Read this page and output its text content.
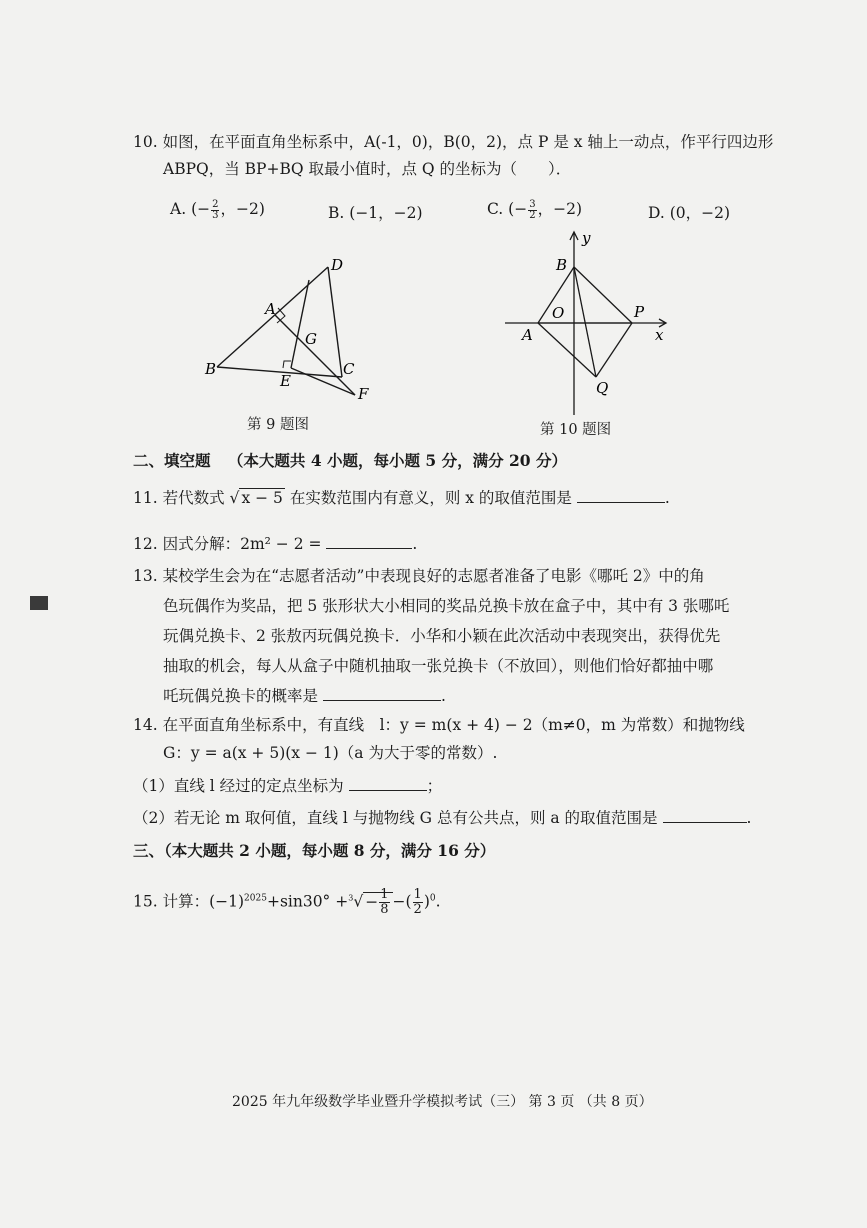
10. 如图，在平面直角坐标系中，A(-1，0)，B(0，2)，点 P 是 x 轴上一动点，作平行四边形
ABPQ，当 BP+BQ 取最小值时，点 Q 的坐标为（　　）．
A. (− $\frac{2}{3}$ ，−2)	B. (−1，−2)	C. (− $\frac{3}{2}$ ，−2)	D. (0，−2)
D
A
G
B
E
C
F
第 9 题图
y
B
O	P
A	x
Q
第 10 题图
二、填空题 （本大题共 4 小题，每小题 5 分，满分 20 分）
11. 若代数式 √ x − 5 在实数范围内有意义，则 x 的取值范围是	.
12. 因式分解：2m² − 2 =	.
13. 某校学生会为在“志愿者活动”中表现良好的志愿者准备了电影《哪吒 2》中的角
色玩偶作为奖品，把 5 张形状大小相同的奖品兑换卡放在盒子中，其中有 3 张哪吒
玩偶兑换卡、2 张敖丙玩偶兑换卡．小华和小颖在此次活动中表现突出，获得优先
抽取的机会，每人从盒子中随机抽取一张兑换卡（不放回），则他们恰好都抽中哪
吒玩偶兑换卡的概率是	.
14. 在平面直角坐标系中，有直线　l：y = m(x + 4) − 2（m≠0，m 为常数）和抛物线
G：y = a(x + 5)(x − 1)（a 为大于零的常数）.
（1）直线 l 经过的定点坐标为	；
（2）若无论 m 取何值，直线 l 与抛物线 G 总有公共点，则 a 的取值范围是	.
三、（本大题共 2 小题，每小题 8 分，满分 16 分）
15. 计算：$(-1)^{2025}+\sin 30^\circ +^3√ - \frac{1}{8}$ −( $\frac{1}{2} )^0$.
2025 年九年级数学毕业暨升学模拟考试（三） 第 3 页 （共 8 页）
